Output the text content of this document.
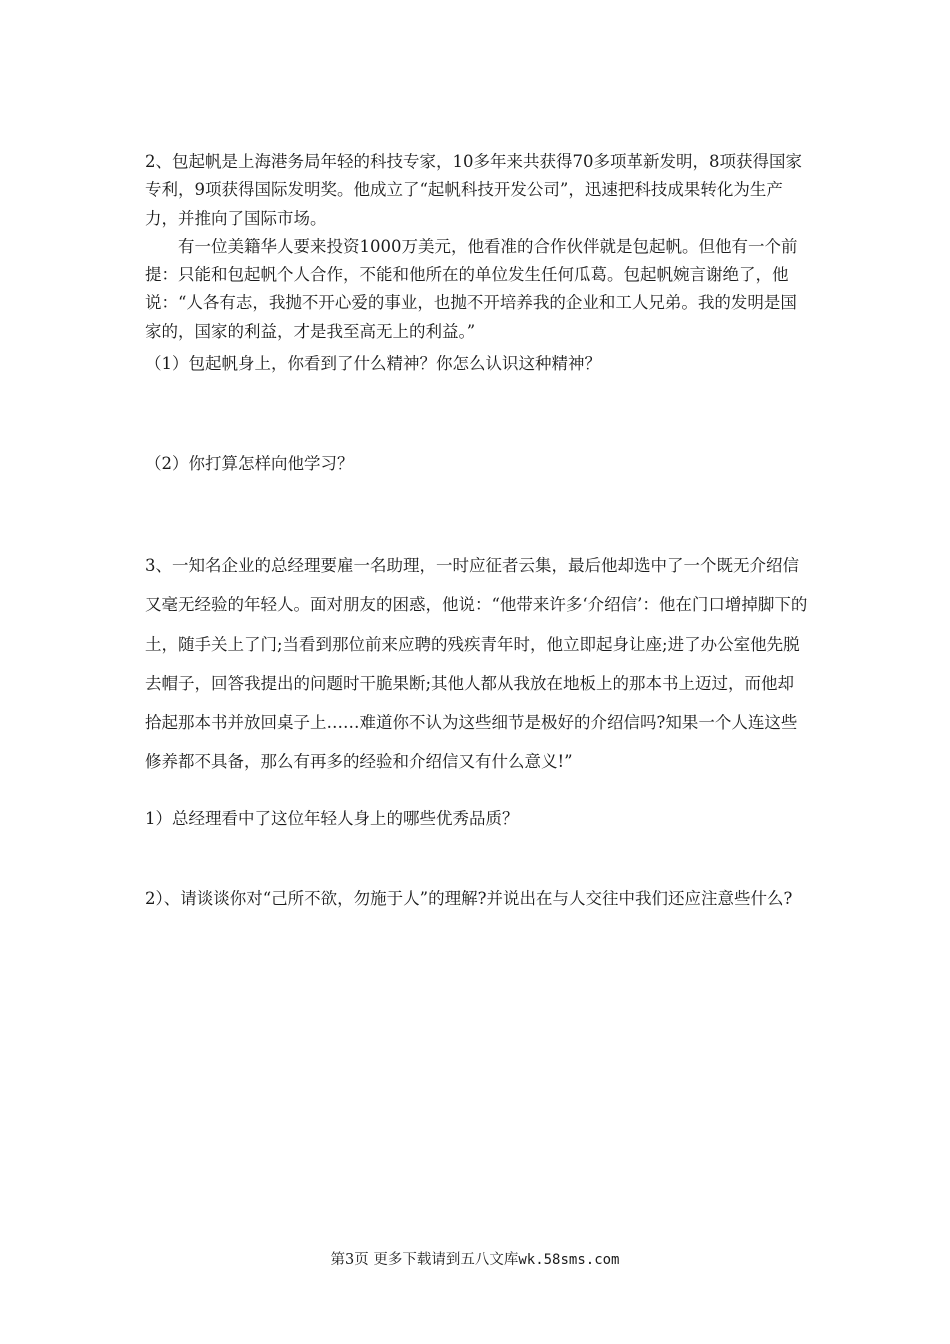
2、包起帆是上海港务局年轻的科技专家，10多年来共获得70多项革新发明，8项获得国家专利，9项获得国际发明奖。他成立了“起帆科技开发公司”，迅速把科技成果转化为生产力，并推向了国际市场。

有一位美籍华人要来投资1000万美元，他看准的合作伙伴就是包起帆。但他有一个前提：只能和包起帆个人合作，不能和他所在的单位发生任何瓜葛。包起帆婉言谢绝了，他说：“人各有志，我抛不开心爱的事业，也抛不开培养我的企业和工人兄弟。我的发明是国家的，国家的利益，才是我至高无上的利益。”

（1）包起帆身上，你看到了什么精神？你怎么认识这种精神？

（2）你打算怎样向他学习？

3、一知名企业的总经理要雇一名助理，一时应征者云集，最后他却选中了一个既无介绍信又毫无经验的年轻人。面对朋友的困惑，他说：“他带来许多‘介绍信’：他在门口增掉脚下的土，随手关上了门;当看到那位前来应聘的残疾青年时，他立即起身让座;进了办公室他先脱去帽子，回答我提出的问题时干脆果断;其他人都从我放在地板上的那本书上迈过，而他却拾起那本书并放回桌子上……难道你不认为这些细节是极好的介绍信吗?知果一个人连这些修养都不具备，那么有再多的经验和介绍信又有什么意义!”

1）总经理看中了这位年轻人身上的哪些优秀品质？

2）、请谈谈你对“己所不欲，勿施于人”的理解?并说出在与人交往中我们还应注意些什么?

第3页 更多下载请到五八文库wk.58sms.com
